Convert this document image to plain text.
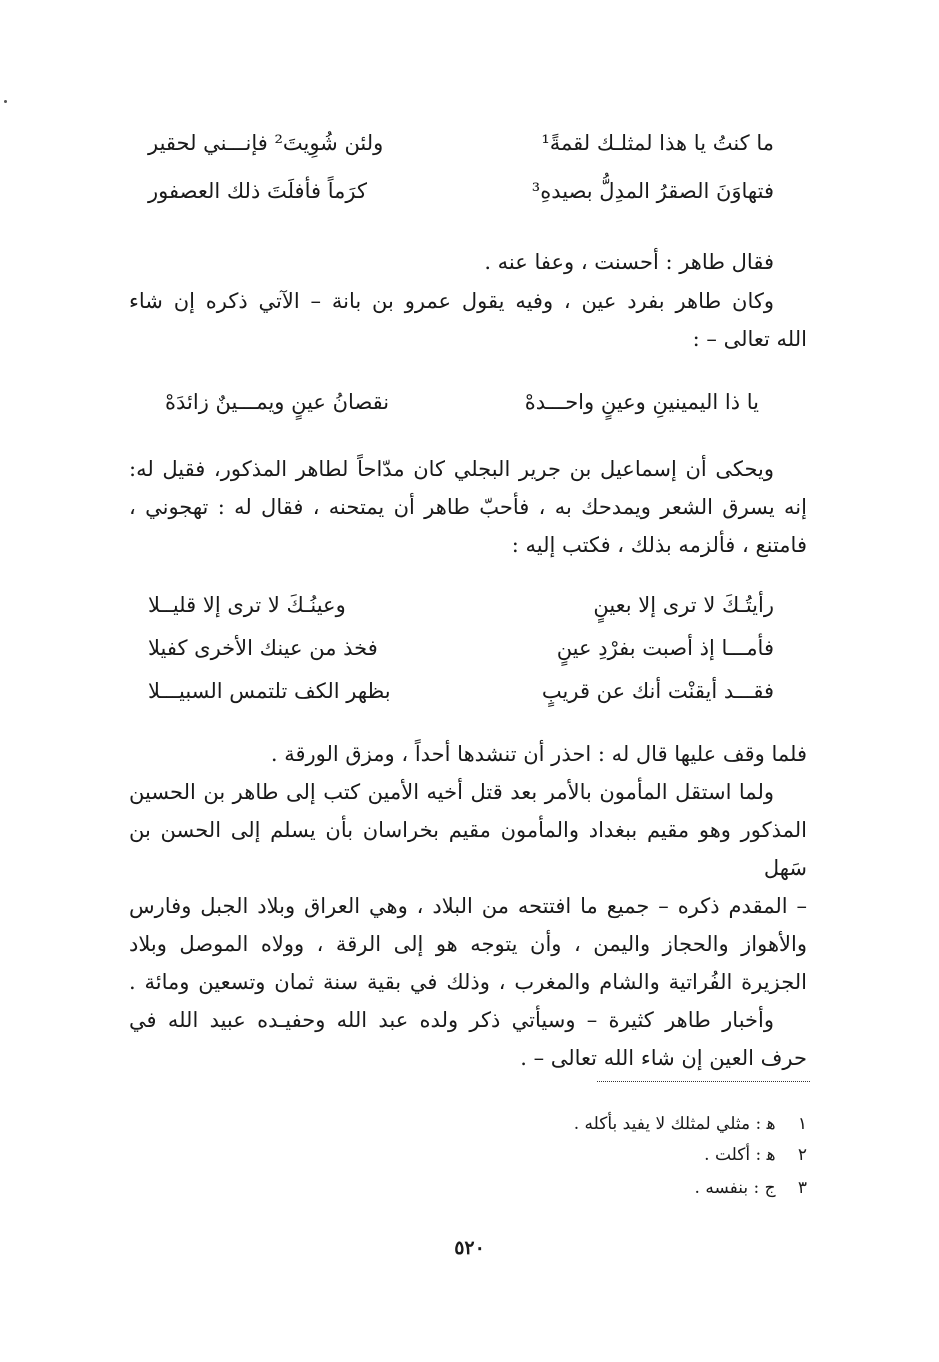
ما كنتُ يا هذا لمثلـك لقمةً¹
ولئن شُوِيتَ² فإنـــني لحقير
فتهاوَنَ الصقرُ المدِلُّ بصيدهِ³
كرَماً فأفلَتَ ذلك العصفور
فقال طاهر : أحسنت ، وعفا عنه .
وكان طاهر بفرد عين ، وفيه يقول عمرو بن بانة – الآتي ذكره إن شاء
الله تعالى – :
يا ذا اليمينينِ وعينٍ واحـــدهْ
نقصانُ عينٍ ويمـــينٌ زائدَهْ
ويحكى أن إسماعيل بن جرير البجلي كان مدّاحاً لطاهر المذكور، فقيل له:
إنه يسرق الشعر ويمدحك به ، فأحبّ طاهر أن يمتحنه ، فقال له : تهجوني ،
فامتنع ، فألزمه بذلك ، فكتب إليه :
رأيتُـكَ لا ترى إلا بعينٍ
وعينُـكَ لا ترى إلا قليــلا
فأمـــا إذ أصبت بفرْدِ عينٍ
فخذ من عينك الأخرى كفيلا
فقـــد أيقنْت أنك عن قريبٍ
بظهر الكف تلتمس السبيـــلا
فلما وقف عليها قال له : احذر أن تنشدها أحداً ، ومزق الورقة .
ولما استقل المأمون بالأمر بعد قتل أخيه الأمين كتب إلى طاهر بن الحسين
المذكور وهو مقيم ببغداد والمأمون مقيم بخراسان بأن يسلم إلى الحسن بن سَهل
– المقدم ذكره – جميع ما افتتحه من البلاد ، وهي العراق وبلاد الجبل وفارس
والأهواز والحجاز واليمن ، وأن يتوجه هو إلى الرقة ، وولاه الموصل وبلاد
الجزيرة الفُراتية والشام والمغرب ، وذلك في بقية سنة ثمان وتسعين ومائة .
وأخبار طاهر كثيرة – وسيأتي ذكر ولده عبد الله وحفيـده عبيد الله في
حرف العين إن شاء الله تعالى – .
١ ﻫ : مثلي لمثلك لا يفيد بأكله .
٢ ﻫ : أكلت .
٣ ج : بنفسه .
٥٢٠
